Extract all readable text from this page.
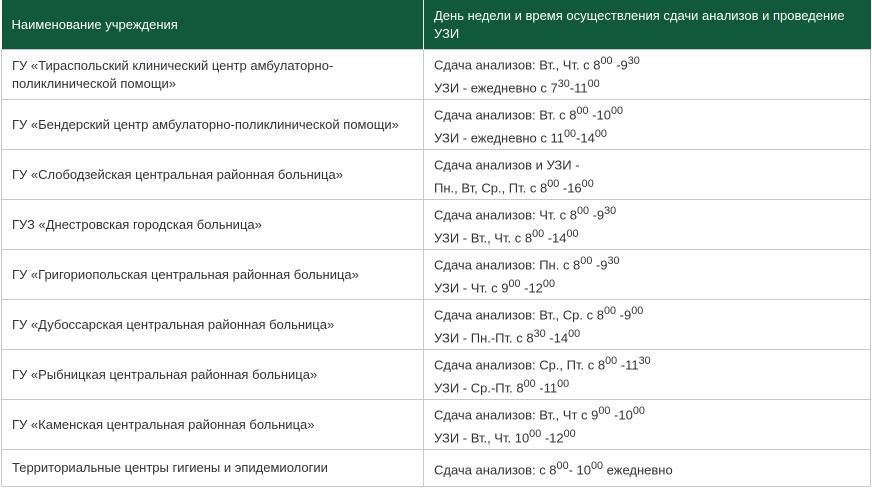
Наименование учреждения	День недели и время осуществления сдачи анализов и проведение УЗИ
ГУ «Тираспольский клинический центр амбулаторно-поликлинической помощи»	Сдача анализов: Вт., Чт. с $8^{00}$ $-9^{30}$
УЗИ - ежедневно с $7^{30}-11^{00}$

ГУ «Бендерский центр амбулаторно-поликлинической помощи»	Сдача анализов: Вт. с $8^{00}$ $-10^{00}$
УЗИ - ежедневно с $11^{00}-14^{00}$

ГУ «Слободзейская центральная районная больница»	Сдача анализов и УЗИ -
Пн., Вт, Ср., Пт. с $8^{00}$ $-16^{00}$

ГУЗ «Днестровская городская больница»	Сдача анализов: Чт. с $8^{00}$ $-9^{30}$
УЗИ - Вт., Чт. с $8^{00}$ $-14^{00}$

ГУ «Григориопольская центральная районная больница»	Сдача анализов: Пн. с $8^{00}$ $-9^{30}$
УЗИ - Чт. с $9^{00}$ $-12^{00}$

ГУ «Дубоссарская центральная районная больница»	Сдача анализов: Вт., Ср. с $8^{00}$ $-9^{00}$
УЗИ - Пн.-Пт. с $8^{30}$ $-14^{00}$

ГУ «Рыбницкая центральная районная больница»	Сдача анализов: Ср., Пт. с $8^{00}$ $-11^{30}$
УЗИ - Ср.-Пт. $8^{00}$ $-11^{00}$

ГУ «Каменская центральная районная больница»	Сдача анализов: Вт., Чт с $9^{00}$ $-10^{00}$
УЗИ - Вт., Чт. $10^{00}$ $-12^{00}$

Территориальные центры гигиены и эпидемиологии	Сдача анализов: с $8^{00}-$ $10^{00}$ ежедневно
